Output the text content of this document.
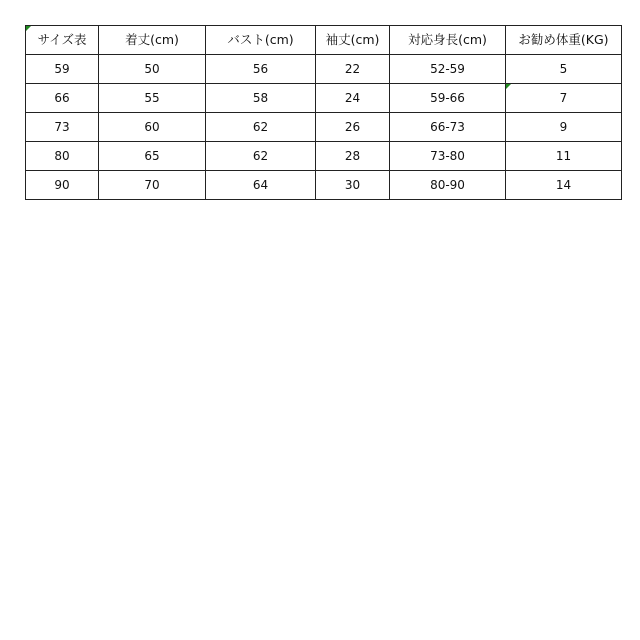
サイズ表	着丈(cm)	バスト(cm)	袖丈(cm)	対応身長(cm)	お勧め体重(KG)
59	50	56	22	52-59	5
66	55	58	24	59-66	7
73	60	62	26	66-73	9
80	65	62	28	73-80	11
90	70	64	30	80-90	14
